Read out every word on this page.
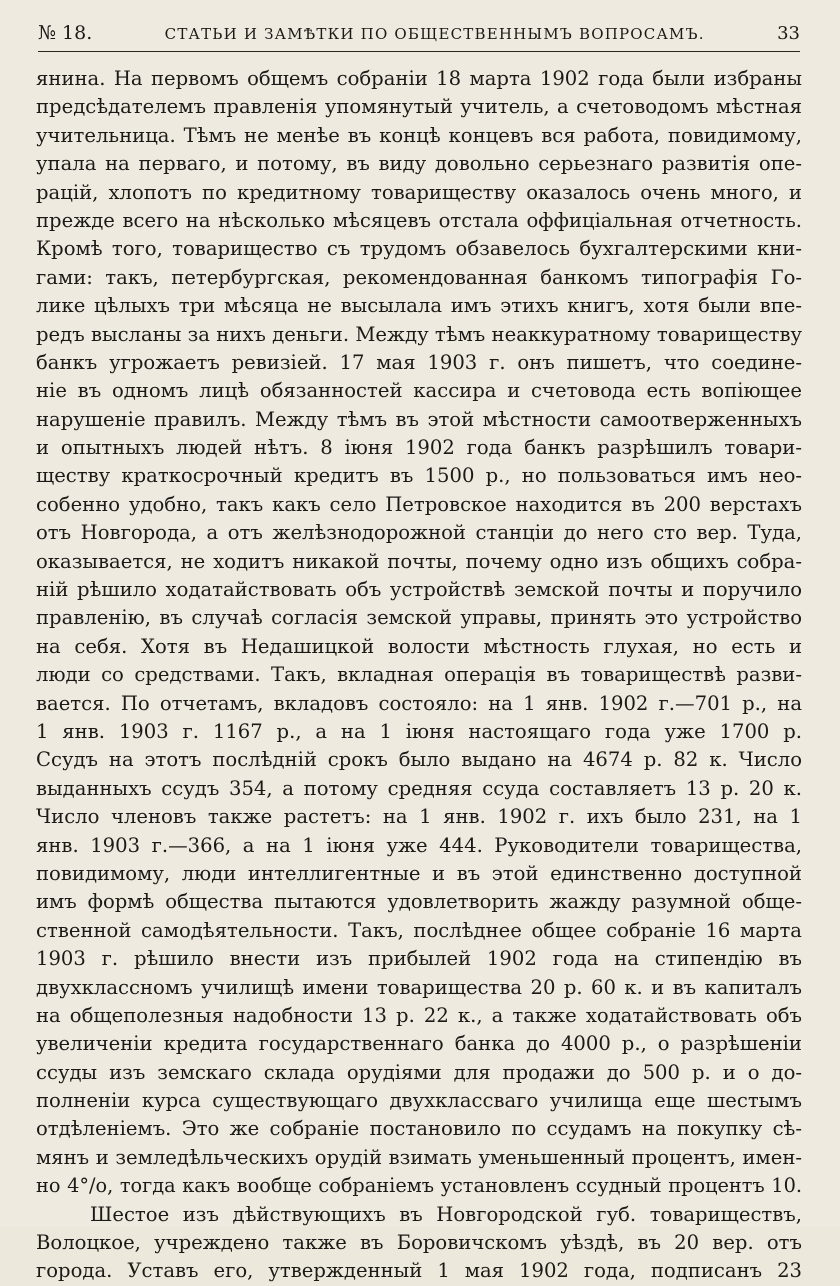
№ 18.	СТАТЬИ И ЗАМѢТКИ ПО ОБЩЕСТВЕННЫМЪ ВОПРОСАМЪ.	33
янина. На первомъ общемъ собраніи 18 марта 1902 года были избраны
предсѣдателемъ правленія упомянутый учитель, а счетоводомъ мѣстная
учительница. Тѣмъ не менѣе въ концѣ концевъ вся работа, повидимому,
упала на перваго, и потому, въ виду довольно серьезнаго развитія опе-
рацій, хлопотъ по кредитному товариществу оказалось очень много, и
прежде всего на нѣсколько мѣсяцевъ отстала оффиціальная отчетность.
Кромѣ того, товарищество съ трудомъ обзавелось бухгалтерскими кни-
гами: такъ, петербургская, рекомендованная банкомъ типографія Го-
лике цѣлыхъ три мѣсяца не высылала имъ этихъ книгъ, хотя были впе-
редъ высланы за нихъ деньги. Между тѣмъ неаккуратному товариществу
банкъ угрожаетъ ревизіей. 17 мая 1903 г. онъ пишетъ, что соедине-
ніе въ одномъ лицѣ обязанностей кассира и счетовода есть вопіющее
нарушеніе правилъ. Между тѣмъ въ этой мѣстности самоотверженныхъ
и опытныхъ людей нѣтъ. 8 іюня 1902 года банкъ разрѣшилъ товари-
ществу краткосрочный кредитъ въ 1500 р., но пользоваться имъ нео-
собенно удобно, такъ какъ село Петровское находится въ 200 верстахъ
отъ Новгорода, а отъ желѣзнодорожной станціи до него сто вер. Туда,
оказывается, не ходитъ никакой почты, почему одно изъ общихъ собра-
ній рѣшило ходатайствовать объ устройствѣ земской почты и поручило
правленію, въ случаѣ согласія земской управы, принять это устройство
на себя. Хотя въ Недашицкой волости мѣстность глухая, но есть и
люди со средствами. Такъ, вкладная операція въ товариществѣ разви-
вается. По отчетамъ, вкладовъ состояло: на 1 янв. 1902 г.—701 р., на
1 янв. 1903 г. 1167 р., а на 1 іюня настоящаго года уже 1700 р.
Ссудъ на этотъ послѣдній срокъ было выдано на 4674 р. 82 к. Число
выданныхъ ссудъ 354, а потому средняя ссуда составляетъ 13 р. 20 к.
Число членовъ также растетъ: на 1 янв. 1902 г. ихъ было 231, на 1
янв. 1903 г.—366, а на 1 іюня уже 444. Руководители товарищества,
повидимому, люди интеллигентные и въ этой единственно доступной
имъ формѣ общества пытаются удовлетворить жажду разумной обще-
ственной самодѣятельности. Такъ, послѣднее общее собраніе 16 марта
1903 г. рѣшило внести изъ прибылей 1902 года на стипендію въ
двухклассномъ училищѣ имени товарищества 20 р. 60 к. и въ капиталъ
на общеполезныя надобности 13 р. 22 к., а также ходатайствовать объ
увеличеніи кредита государственнаго банка до 4000 р., о разрѣшеніи
ссуды изъ земскаго склада орудіями для продажи до 500 р. и о до-
полненіи курса существующаго двухклассваго училища еще шестымъ
отдѣленіемъ. Это же собраніе постановило по ссудамъ на покупку сѣ-
мянъ и земледѣльческихъ орудій взимать уменьшенный процентъ, имен-
но 4°/о, тогда какъ вообще собраніемъ установленъ ссудный процентъ 10.
Шестое изъ дѣйствующихъ въ Новгородской губ. товариществъ,
Волоцкое, учреждено также въ Боровичскомъ уѣздѣ, въ 20 вер. отъ
города. Уставъ его, утвержденный 1 мая 1902 года, подписанъ 23
